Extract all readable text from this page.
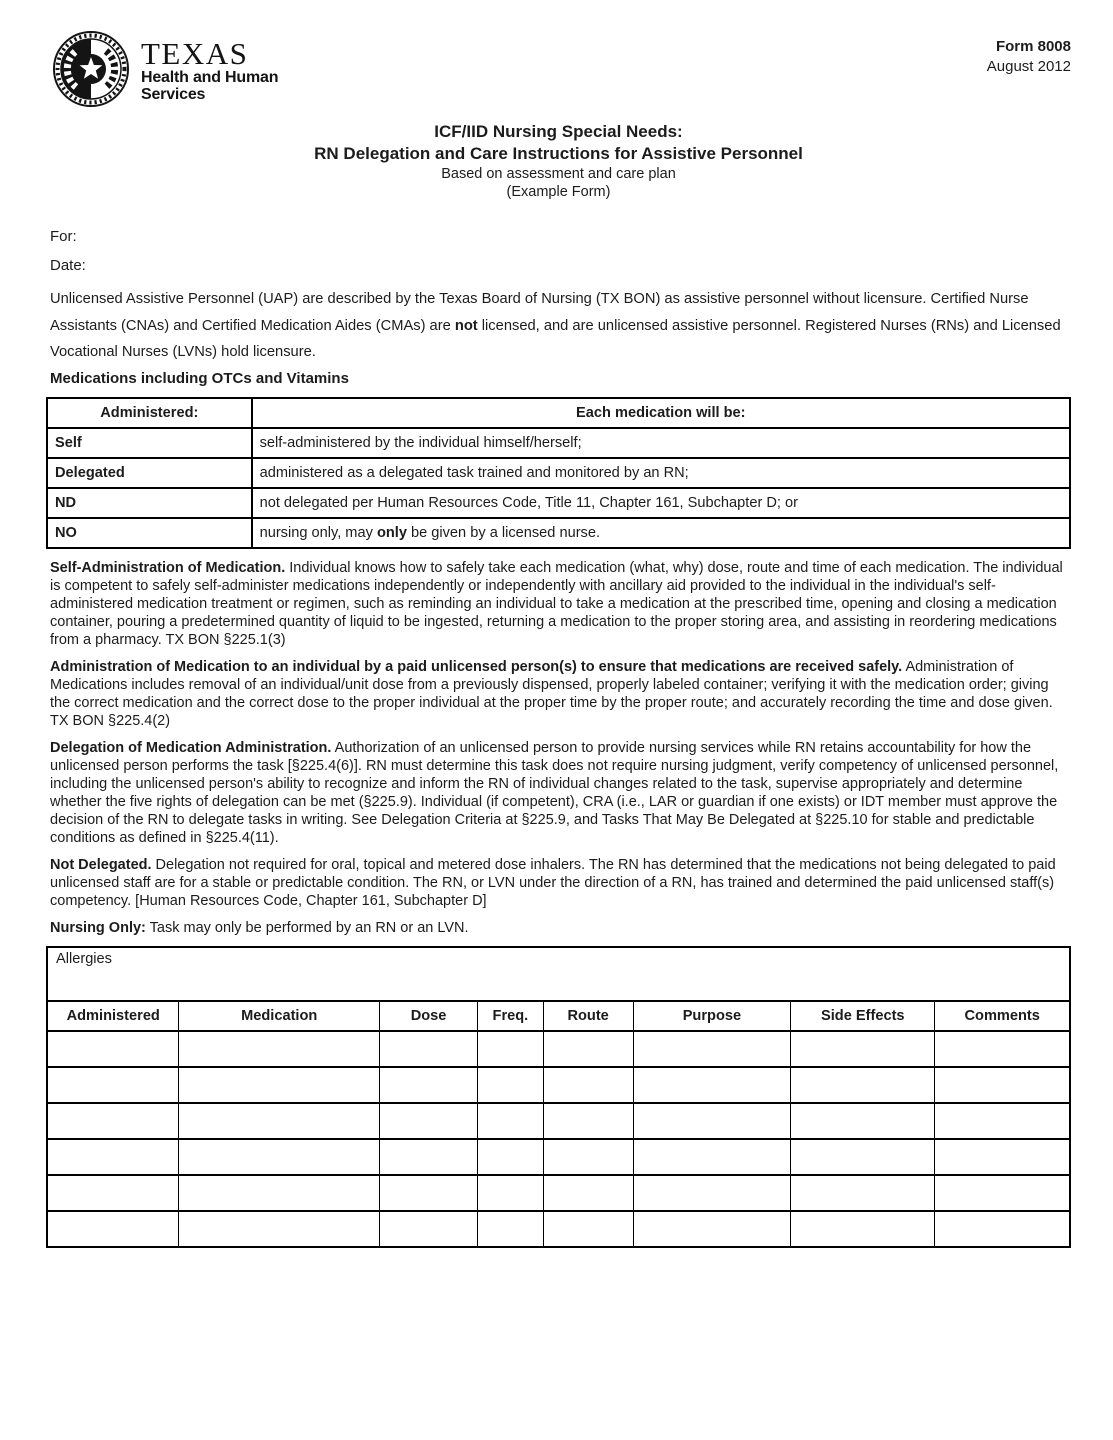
TEXAS
Health and Human
Services
Form 8008
August 2012
ICF/IID Nursing Special Needs:
RN Delegation and Care Instructions for Assistive Personnel
Based on assessment and care plan
(Example Form)
For:
Date:

Unlicensed Assistive Personnel (UAP) are described by the Texas Board of Nursing (TX BON) as assistive personnel without licensure. Certified Nurse Assistants (CNAs) and Certified Medication Aides (CMAs) are not licensed, and are unlicensed assistive personnel. Registered Nurses (RNs) and Licensed Vocational Nurses (LVNs) hold licensure.

Medications including OTCs and Vitamins
Administered:	Each medication will be:
Self	self-administered by the individual himself/herself;
Delegated	administered as a delegated task trained and monitored by an RN;
ND	not delegated per Human Resources Code, Title 11, Chapter 161, Subchapter D; or
NO	nursing only, may only be given by a licensed nurse.

Self-Administration of Medication. Individual knows how to safely take each medication (what, why) dose, route and time of each medication. The individual is competent to safely self-administer medications independently or independently with ancillary aid provided to the individual in the individual's self-administered medication treatment or regimen, such as reminding an individual to take a medication at the prescribed time, opening and closing a medication container, pouring a predetermined quantity of liquid to be ingested, returning a medication to the proper storing area, and assisting in reordering medications from a pharmacy. TX BON §225.1(3)

Administration of Medication to an individual by a paid unlicensed person(s) to ensure that medications are received safely. Administration of Medications includes removal of an individual/unit dose from a previously dispensed, properly labeled container; verifying it with the medication order; giving the correct medication and the correct dose to the proper individual at the proper time by the proper route; and accurately recording the time and dose given. TX BON §225.4(2)

Delegation of Medication Administration. Authorization of an unlicensed person to provide nursing services while RN retains accountability for how the unlicensed person performs the task [§225.4(6)]. RN must determine this task does not require nursing judgment, verify competency of unlicensed personnel, including the unlicensed person's ability to recognize and inform the RN of individual changes related to the task, supervise appropriately and determine whether the five rights of delegation can be met (§225.9). Individual (if competent), CRA (i.e., LAR or guardian if one exists) or IDT member must approve the decision of the RN to delegate tasks in writing. See Delegation Criteria at §225.9, and Tasks That May Be Delegated at §225.10 for stable and predictable conditions as defined in §225.4(11).

Not Delegated. Delegation not required for oral, topical and metered dose inhalers. The RN has determined that the medications not being delegated to paid unlicensed staff are for a stable or predictable condition. The RN, or LVN under the direction of a RN, has trained and determined the paid unlicensed staff(s) competency. [Human Resources Code, Chapter 161, Subchapter D]

Nursing Only: Task may only be performed by an RN or an LVN.

Allergies							
Administered	Medication	Dose	Freq.	Route	Purpose	Side Effects	Comments
